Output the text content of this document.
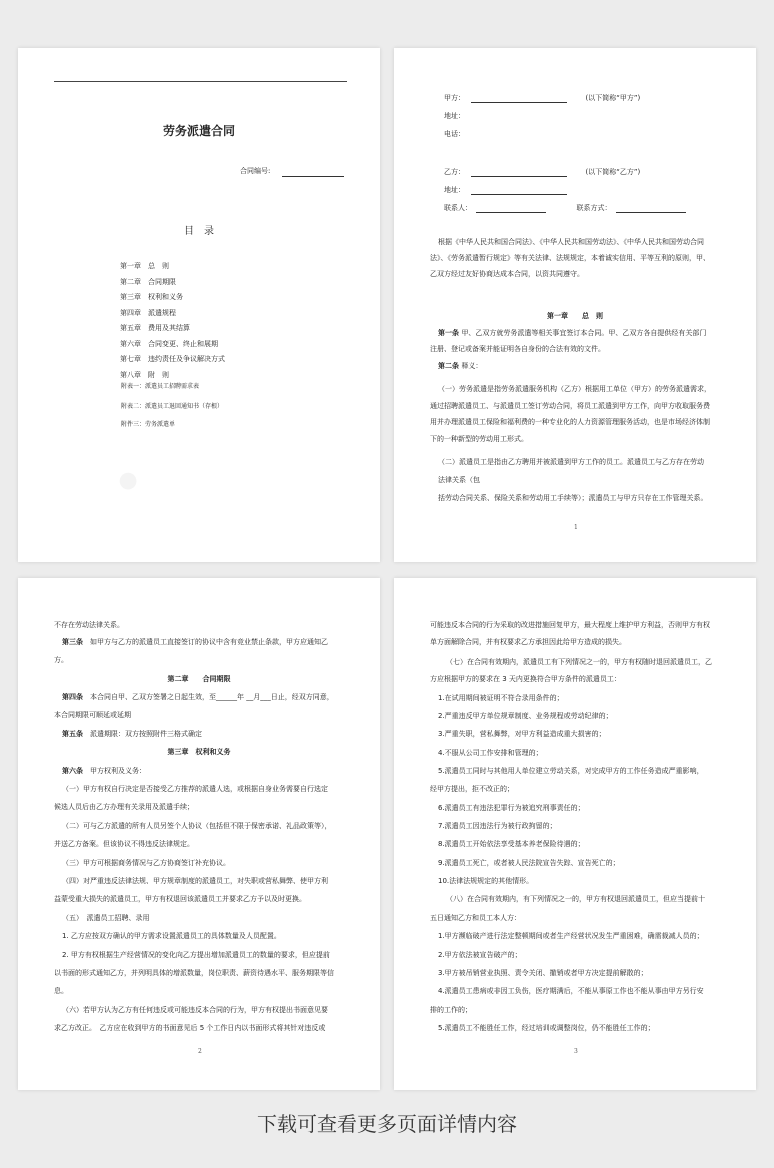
劳务派遣合同
合同编号:
目　录
●
第一章　总　则
第二章　合同期限
第三章　权利和义务
第四章　派遣规程
第五章　费用及其结算
第六章　合同变更、终止和展期
第七章　违约责任及争议解决方式
第八章　附　则
附表一：派遣员工招聘需求表
附表二：派遣员工退回通知书（存根）
附件三：劳务派遣单
甲方：	(以下简称“甲方”)
地址：
电话：
乙方：	(以下简称“乙方”)
地址：
联系人：	联系方式：
第一章　　总　则
1
根据《中华人民共和国合同法》、《中华人民共和国劳动法》、《中华人民共和国劳动合同
法》、《劳务派遣暂行规定》等有关法律、法规规定，本着诚实信用、平等互利的原则，甲、
乙双方经过友好协商达成本合同，以资共同遵守。
第一条 甲、乙双方就劳务派遣等相关事宜签订本合同。甲、乙双方各自提供经有关部门
注册、登记或备案并能证明各自身份的合法有效的文件。
第二条 释义：
（一）劳务派遣是指劳务派遣服务机构（乙方）根据用工单位（甲方）的劳务派遣需求，
通过招聘派遣员工、与派遣员工签订劳动合同，将员工派遣到甲方工作，向甲方收取服务费
用并办理派遣员工保险和福利费的一种专业化的人力资源管理服务活动，也是市场经济体制
下的一种新型的劳动用工形式。
（二）派遣员工是指由乙方聘用并被派遣到甲方工作的员工。派遣员工与乙方存在劳动
法律关系（包
括劳动合同关系、保险关系和劳动用工手续等）；派遣员工与甲方只存在工作管理关系。
2
不存在劳动法律关系。
第三条　如甲方与乙方的派遣员工直接签订的协议中含有竞业禁止条款，甲方应通知乙
方。
第二章　　合同期限
第四条　本合同自甲、乙双方签署之日起生效，至______年 __月___日止，经双方同意，
本合同期限可顺延或延期
第五条　派遣期限：双方按照附件三格式确定
第三章　权利和义务
第六条　甲方权利及义务：
（一）甲方有权自行决定是否接受乙方推荐的派遣人选，或根据自身业务需要自行选定
候选人员后由乙方办理有关录用及派遣手续；
（二）可与乙方派遣的所有人员另签个人协议（包括但不限于保密承诺、礼品政策等），
并送乙方备案。但该协议不得违反法律规定。
（三）甲方可根据商务情况与乙方协商签订补充协议。
（四）对严重违反法律法规、甲方规章制度的派遣员工，对失职或营私舞弊、使甲方利
益蒙受重大损失的派遣员工，甲方有权退回该派遣员工并要求乙方予以及时更换。
（五）　派遣员工招聘、录用
1. 乙方应按双方确认的甲方需求设置派遣员工的具体数量及人员配置。
2. 甲方有权根据生产经营情况的变化向乙方提出增加派遣员工的数量的要求，但应提前
以书面的形式通知乙方，并列明具体的增派数量，岗位职责、薪资待遇水平、服务期限等信
息。
（六）若甲方认为乙方有任何违反或可能违反本合同的行为，甲方有权提出书面意见要
求乙方改正。　乙方应在收到甲方的书面意见后 5 个工作日内以书面形式将其针对违反或
3
可能违反本合同的行为采取的改进措施回复甲方，最大程度上维护甲方利益，否则甲方有权
单方面解除合同，并有权要求乙方承担因此给甲方造成的损失。
（七）在合同有效期内，派遣员工有下列情况之一的，甲方有权随时退回派遣员工，乙
方应根据甲方的要求在 3 天内更换符合甲方条件的派遣员工：
1.在试用期间被证明不符合录用条件的；
2.严重违反甲方单位规章制度、业务规程或劳动纪律的；
3.严重失职，营私舞弊，对甲方利益造成重大损害的；
4.不服从公司工作安排和管理的；
5.派遣员工同时与其他用人单位建立劳动关系，对完成甲方的工作任务造成严重影响，
经甲方提出，拒不改正的；
6.派遣员工有违法犯罪行为被追究刑事责任的；
7.派遣员工因违法行为被行政拘留的；
8.派遣员工开始依法享受基本养老保险待遇的；
9.派遣员工死亡，或者被人民法院宣告失踪、宣告死亡的；
10.法律法规规定的其他情形。
（八）在合同有效期内，有下列情况之一的，甲方有权退回派遣员工，但应当提前十
五日通知乙方和员工本人方：
1.甲方濒临破产进行法定整顿期间或者生产经营状况发生严重困难，确需裁减人员的；
2.甲方依法被宣告破产的；
3.甲方被吊销营业执照、责令关闭、撤销或者甲方决定提前解散的；
4.派遣员工患病或非因工负伤，医疗期满后，不能从事原工作也不能从事由甲方另行安
排的工作的；
5.派遣员工不能胜任工作，经过培训或调整岗位，仍不能胜任工作的；
下载可查看更多页面详情内容
